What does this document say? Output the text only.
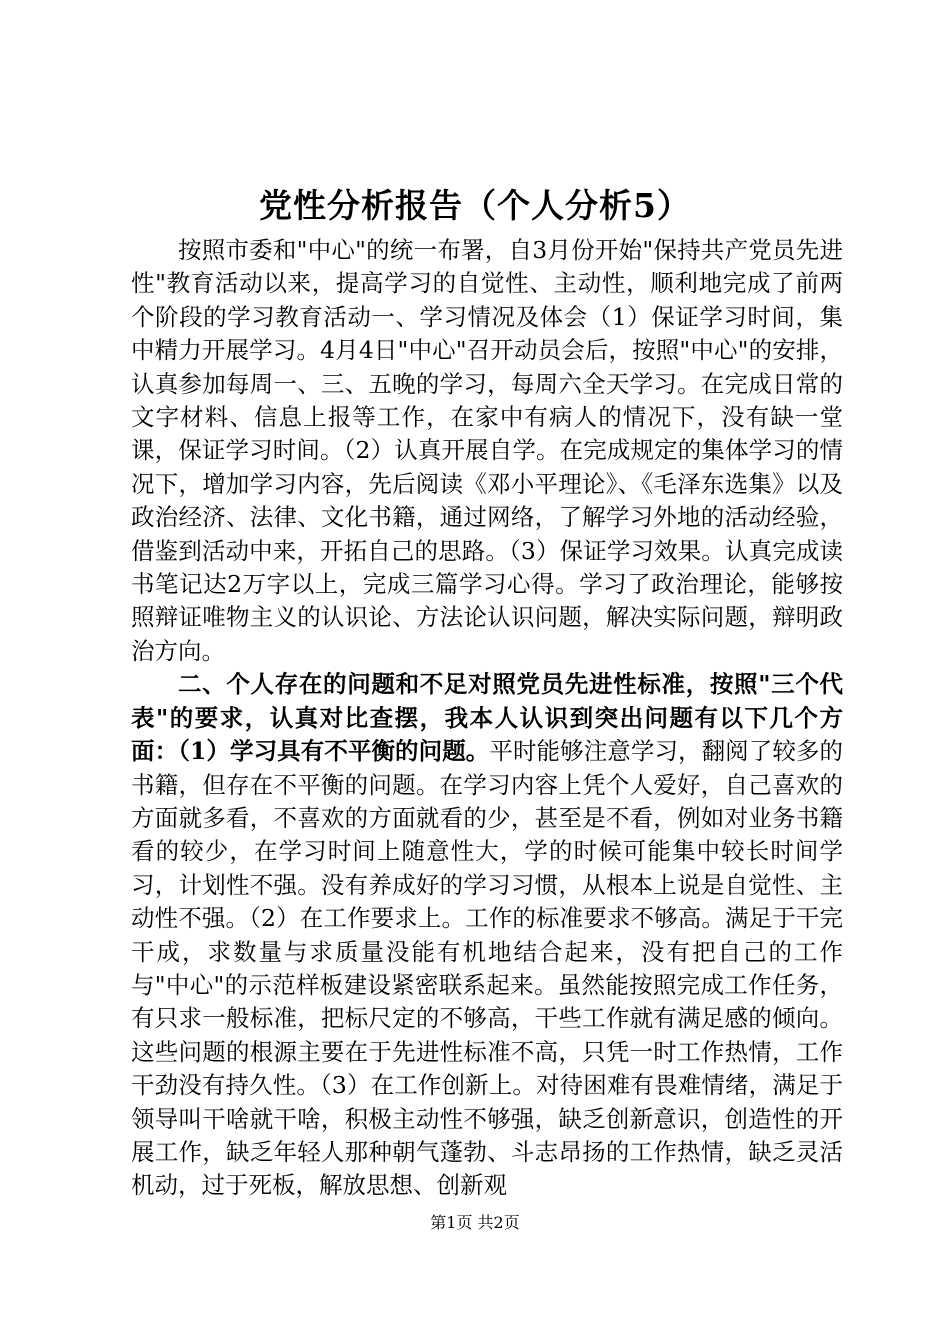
党性分析报告（个人分析5）

按照市委和"中心"的统一布署，自3月份开始"保持共产党员先进性"教育活动以来，提高学习的自觉性、主动性，顺利地完成了前两个阶段的学习教育活动一、学习情况及体会（1）保证学习时间，集中精力开展学习。4月4日"中心"召开动员会后，按照"中心"的安排，认真参加每周一、三、五晚的学习，每周六全天学习。在完成日常的文字材料、信息上报等工作，在家中有病人的情况下，没有缺一堂课，保证学习时间。（2）认真开展自学。在完成规定的集体学习的情况下，增加学习内容，先后阅读《邓小平理论》、《毛泽东选集》以及政治经济、法律、文化书籍，通过网络，了解学习外地的活动经验，借鉴到活动中来，开拓自己的思路。（3）保证学习效果。认真完成读书笔记达2万字以上，完成三篇学习心得。学习了政治理论，能够按照辩证唯物主义的认识论、方法论认识问题，解决实际问题，辩明政治方向。

二、个人存在的问题和不足对照党员先进性标准，按照"三个代表"的要求，认真对比查摆，我本人认识到突出问题有以下几个方面：（1）学习具有不平衡的问题。平时能够注意学习，翻阅了较多的书籍，但存在不平衡的问题。在学习内容上凭个人爱好，自己喜欢的方面就多看，不喜欢的方面就看的少，甚至是不看，例如对业务书籍看的较少，在学习时间上随意性大，学的时候可能集中较长时间学习，计划性不强。没有养成好的学习习惯，从根本上说是自觉性、主动性不强。（2）在工作要求上。工作的标准要求不够高。满足于干完干成，求数量与求质量没能有机地结合起来，没有把自己的工作与"中心"的示范样板建设紧密联系起来。虽然能按照完成工作任务，有只求一般标准，把标尺定的不够高，干些工作就有满足感的倾向。这些问题的根源主要在于先进性标准不高，只凭一时工作热情，工作干劲没有持久性。（3）在工作创新上。对待困难有畏难情绪，满足于领导叫干啥就干啥，积极主动性不够强，缺乏创新意识，创造性的开展工作，缺乏年轻人那种朝气蓬勃、斗志昂扬的工作热情，缺乏灵活机动，过于死板，解放思想、创新观

第1页 共2页
